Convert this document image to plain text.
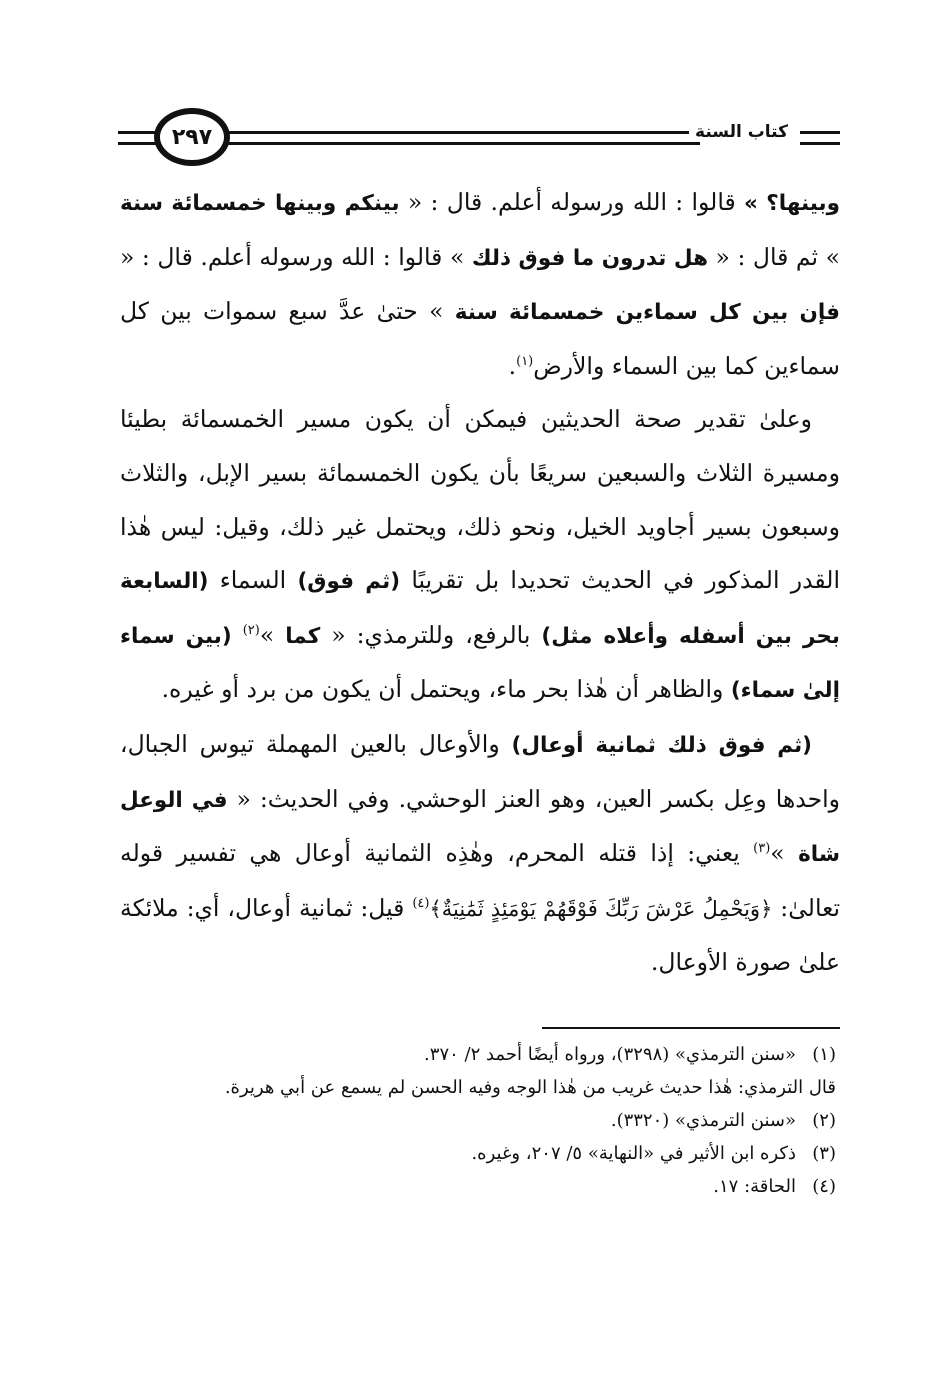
٢٩٧	كتاب السنة

وبينها؟ » قالوا : الله ورسوله أعلم. قال : « بينكم وبينها خمسمائة سنة » ثم قال : « هل تدرون ما فوق ذلك » قالوا : الله ورسوله أعلم. قال : « فإن بين كل سماءين خمسمائة سنة » حتىٰ عدَّ سبع سموات بين كل سماءين كما بين السماء والأرض$^{(١)}$.

وعلىٰ تقدير صحة الحديثين فيمكن أن يكون مسير الخمسمائة بطيئا ومسيرة الثلاث والسبعين سريعًا بأن يكون الخمسمائة بسير الإبل، والثلاث وسبعون بسير أجاويد الخيل، ونحو ذلك، ويحتمل غير ذلك، وقيل: ليس هٰذا القدر المذكور في الحديث تحديدا بل تقريبًا (ثم فوق) السماء (السابعة بحر بين أسفله وأعلاه مثل) بالرفع، وللترمذي: « كما »$^{(٢)}$ (بين سماء إلىٰ سماء) والظاهر أن هٰذا بحر ماء، ويحتمل أن يكون من برد أو غيره.

(ثم فوق ذلك ثمانية أوعال) والأوعال بالعين المهملة تيوس الجبال، واحدها وعِل بكسر العين، وهو العنز الوحشي. وفي الحديث: « في الوعل شاة »$^{(٣)}$ يعني: إذا قتله المحرم، وهٰذِه الثمانية أوعال هي تفسير قوله تعالىٰ: ﴿وَيَحْمِلُ عَرْشَ رَبِّكَ فَوْقَهُمْ يَوْمَئِذٍ ثَمَٰنِيَةٌ﴾$^{(٤)}$ قيل: ثمانية أوعال، أي: ملائكة علىٰ صورة الأوعال.

(١)
«سنن الترمذي» (٣٢٩٨)، ورواه أيضًا أحمد ٢/ ٣٧٠.

قال الترمذي: هٰذا حديث غريب من هٰذا الوجه وفيه الحسن لم يسمع عن أبي هريرة.

(٢)
«سنن الترمذي» (٣٣٢٠).

(٣)
ذكره ابن الأثير في «النهاية» ٥/ ٢٠٧، وغيره.

(٤)
الحاقة: ١٧.
